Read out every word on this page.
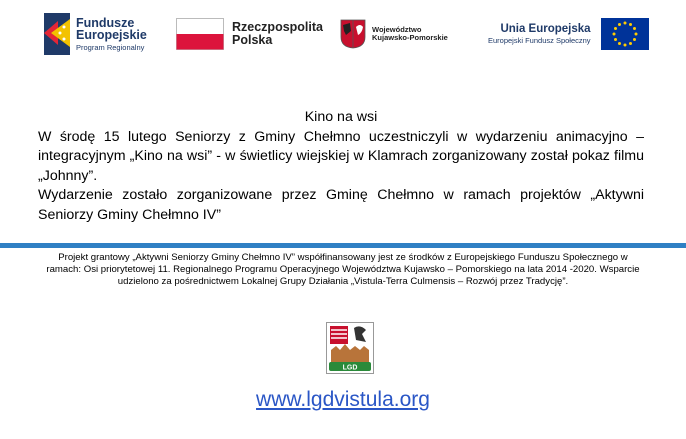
Fundusze
Europejskie
Program Regionalny
Rzeczpospolita
Polska
Województwo
Kujawsko-Pomorskie
Unia Europejska
Europejski Fundusz Społeczny
Kino na wsi

W środę 15 lutego Seniorzy z Gminy Chełmno uczestniczyli w wydarzeniu animacyjno – integracyjnym „Kino na wsi” - w świetlicy wiejskiej w Klamrach zorganizowany został pokaz filmu „Johnny”.

Wydarzenie zostało zorganizowane przez Gminę Chełmno w ramach projektów „Aktywni Seniorzy Gminy Chełmno IV”

Projekt grantowy „Aktywni Seniorzy Gminy Chełmno IV” współfinansowany jest ze środków z Europejskiego Funduszu Społecznego w ramach: Osi priorytetowej 11. Regionalnego Programu Operacyjnego Województwa Kujawsko – Pomorskiego na lata 2014 -2020. Wsparcie udzielono za pośrednictwem Lokalnej Grupy Działania „Vistula-Terra Culmensis – Rozwój przez Tradycję”.
LGD
www.lgdvistula.org
